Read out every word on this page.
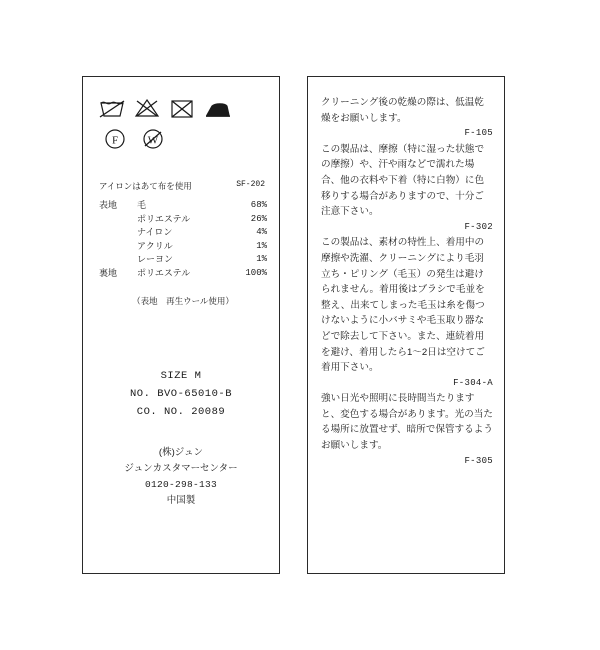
F	W
アイロンはあて布を使用	SF-202
表地	毛	68%
ポリエステル	26%
ナイロン	4%
アクリル	1%
レーヨン	1%
裏地	ポリエステル	100%
（表地　再生ウール使用）
SIZE M
NO. BVO-65010-B
CO. NO. 20089
(株)ジュン
ジュンカスタマーセンター
0120-298-133
中国製

クリーニング後の乾燥の際は、低温乾燥をお願いします。
F-105

この製品は、摩擦（特に湿った状態での摩擦）や、汗や雨などで濡れた場合、他の衣料や下着（特に白物）に色移りする場合がありますので、十分ご注意下さい。
F-302

この製品は、素材の特性上、着用中の摩擦や洗濯、クリーニングにより毛羽立ち・ピリング（毛玉）の発生は避けられません。着用後はブラシで毛並を整え、出来てしまった毛玉は糸を傷つけないように小バサミや毛玉取り器などで除去して下さい。また、連続着用を避け、着用したら1～2日は空けてご着用下さい。
F-304-A

強い日光や照明に長時間当たりますと、変色する場合があります。光の当たる場所に放置せず、暗所で保管するようお願いします。
F-305
